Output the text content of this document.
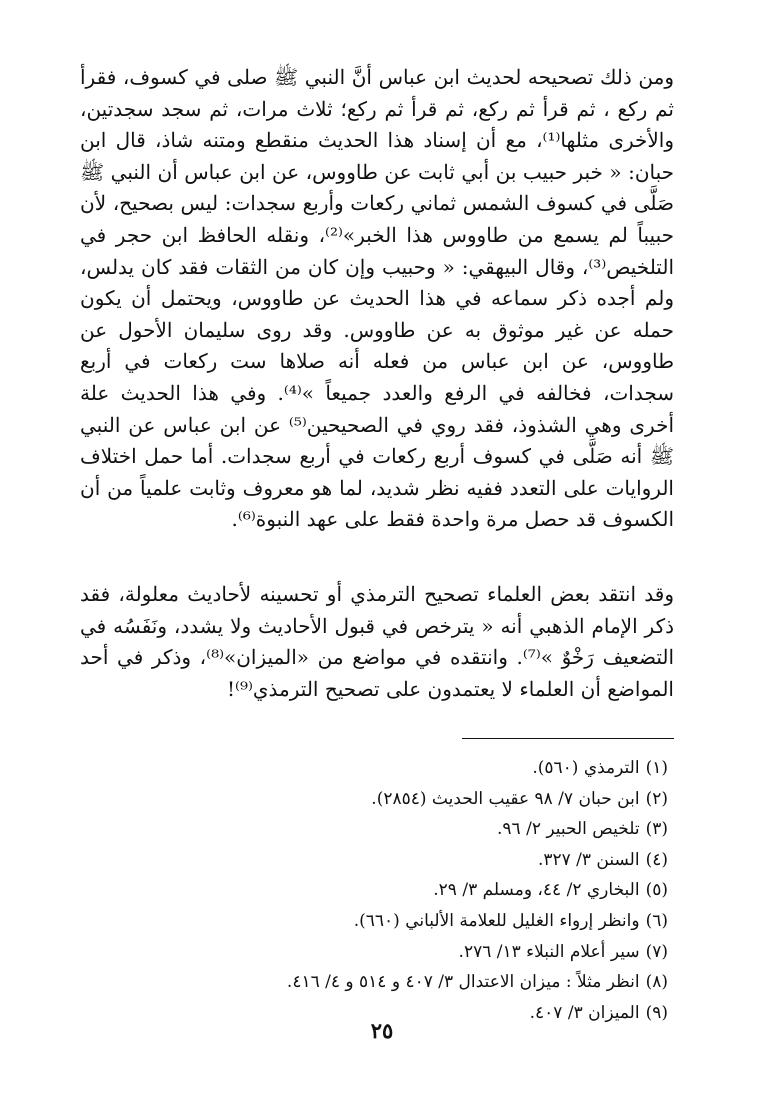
ومن ذلك تصحيحه لحديث ابن عباس أنَّ النبي ﷺ صلى في كسوف، فقرأ ثم ركع ، ثم قرأ ثم ركع، ثم قرأ ثم ركع؛ ثلاث مرات، ثم سجد سجدتين، والأخرى مثلها⁽¹⁾، مع أن إسناد هذا الحديث منقطع ومتنه شاذ، قال ابن حبان: « خبر حبيب بن أبي ثابت عن طاووس، عن ابن عباس أن النبي ﷺ صَلَّى في كسوف الشمس ثماني ركعات وأربع سجدات: ليس بصحيح، لأن حبيباً لم يسمع من طاووس هذا الخبر»⁽²⁾، ونقله الحافظ ابن حجر في التلخيص⁽³⁾، وقال البيهقي: « وحبيب وإن كان من الثقات فقد كان يدلس، ولم أجده ذكر سماعه في هذا الحديث عن طاووس، ويحتمل أن يكون حمله عن غير موثوق به عن طاووس. وقد روى سليمان الأحول عن طاووس، عن ابن عباس من فعله أنه صلاها ست ركعات في أربع سجدات، فخالفه في الرفع والعدد جميعاً »⁽⁴⁾. وفي هذا الحديث علة أخرى وهي الشذوذ، فقد روي في الصحيحين⁽⁵⁾ عن ابن عباس عن النبي ﷺ أنه صَلَّى في كسوف أربع ركعات في أربع سجدات. أما حمل اختلاف الروايات على التعدد ففيه نظر شديد، لما هو معروف وثابت علمياً من أن الكسوف قد حصل مرة واحدة فقط على عهد النبوة⁽⁶⁾.

وقد انتقد بعض العلماء تصحيح الترمذي أو تحسينه لأحاديث معلولة، فقد ذكر الإمام الذهبي أنه « يترخص في قبول الأحاديث ولا يشدد، ونَفَسُه في التضعيف رَخْوٌ »⁽⁷⁾. وانتقده في مواضع من «الميزان»⁽⁸⁾، وذكر في أحد المواضع أن العلماء لا يعتمدون على تصحيح الترمذي⁽⁹⁾!

(١)الترمذي (٥٦٠).
(٢)ابن حبان ٧/ ٩٨ عقيب الحديث (٢٨٥٤).
(٣)تلخيص الحبير ٢/ ٩٦.
(٤)السنن ٣/ ٣٢٧.
(٥)البخاري ٢/ ٤٤، ومسلم ٣/ ٢٩.
(٦)وانظر إرواء الغليل للعلامة الألباني (٦٦٠).
(٧)سير أعلام النبلاء ١٣/ ٢٧٦.
(٨)انظر مثلاً : ميزان الاعتدال ٣/ ٤٠٧ و ٥١٤ و ٤/ ٤١٦.
(٩)الميزان ٣/ ٤٠٧.
٢٥
